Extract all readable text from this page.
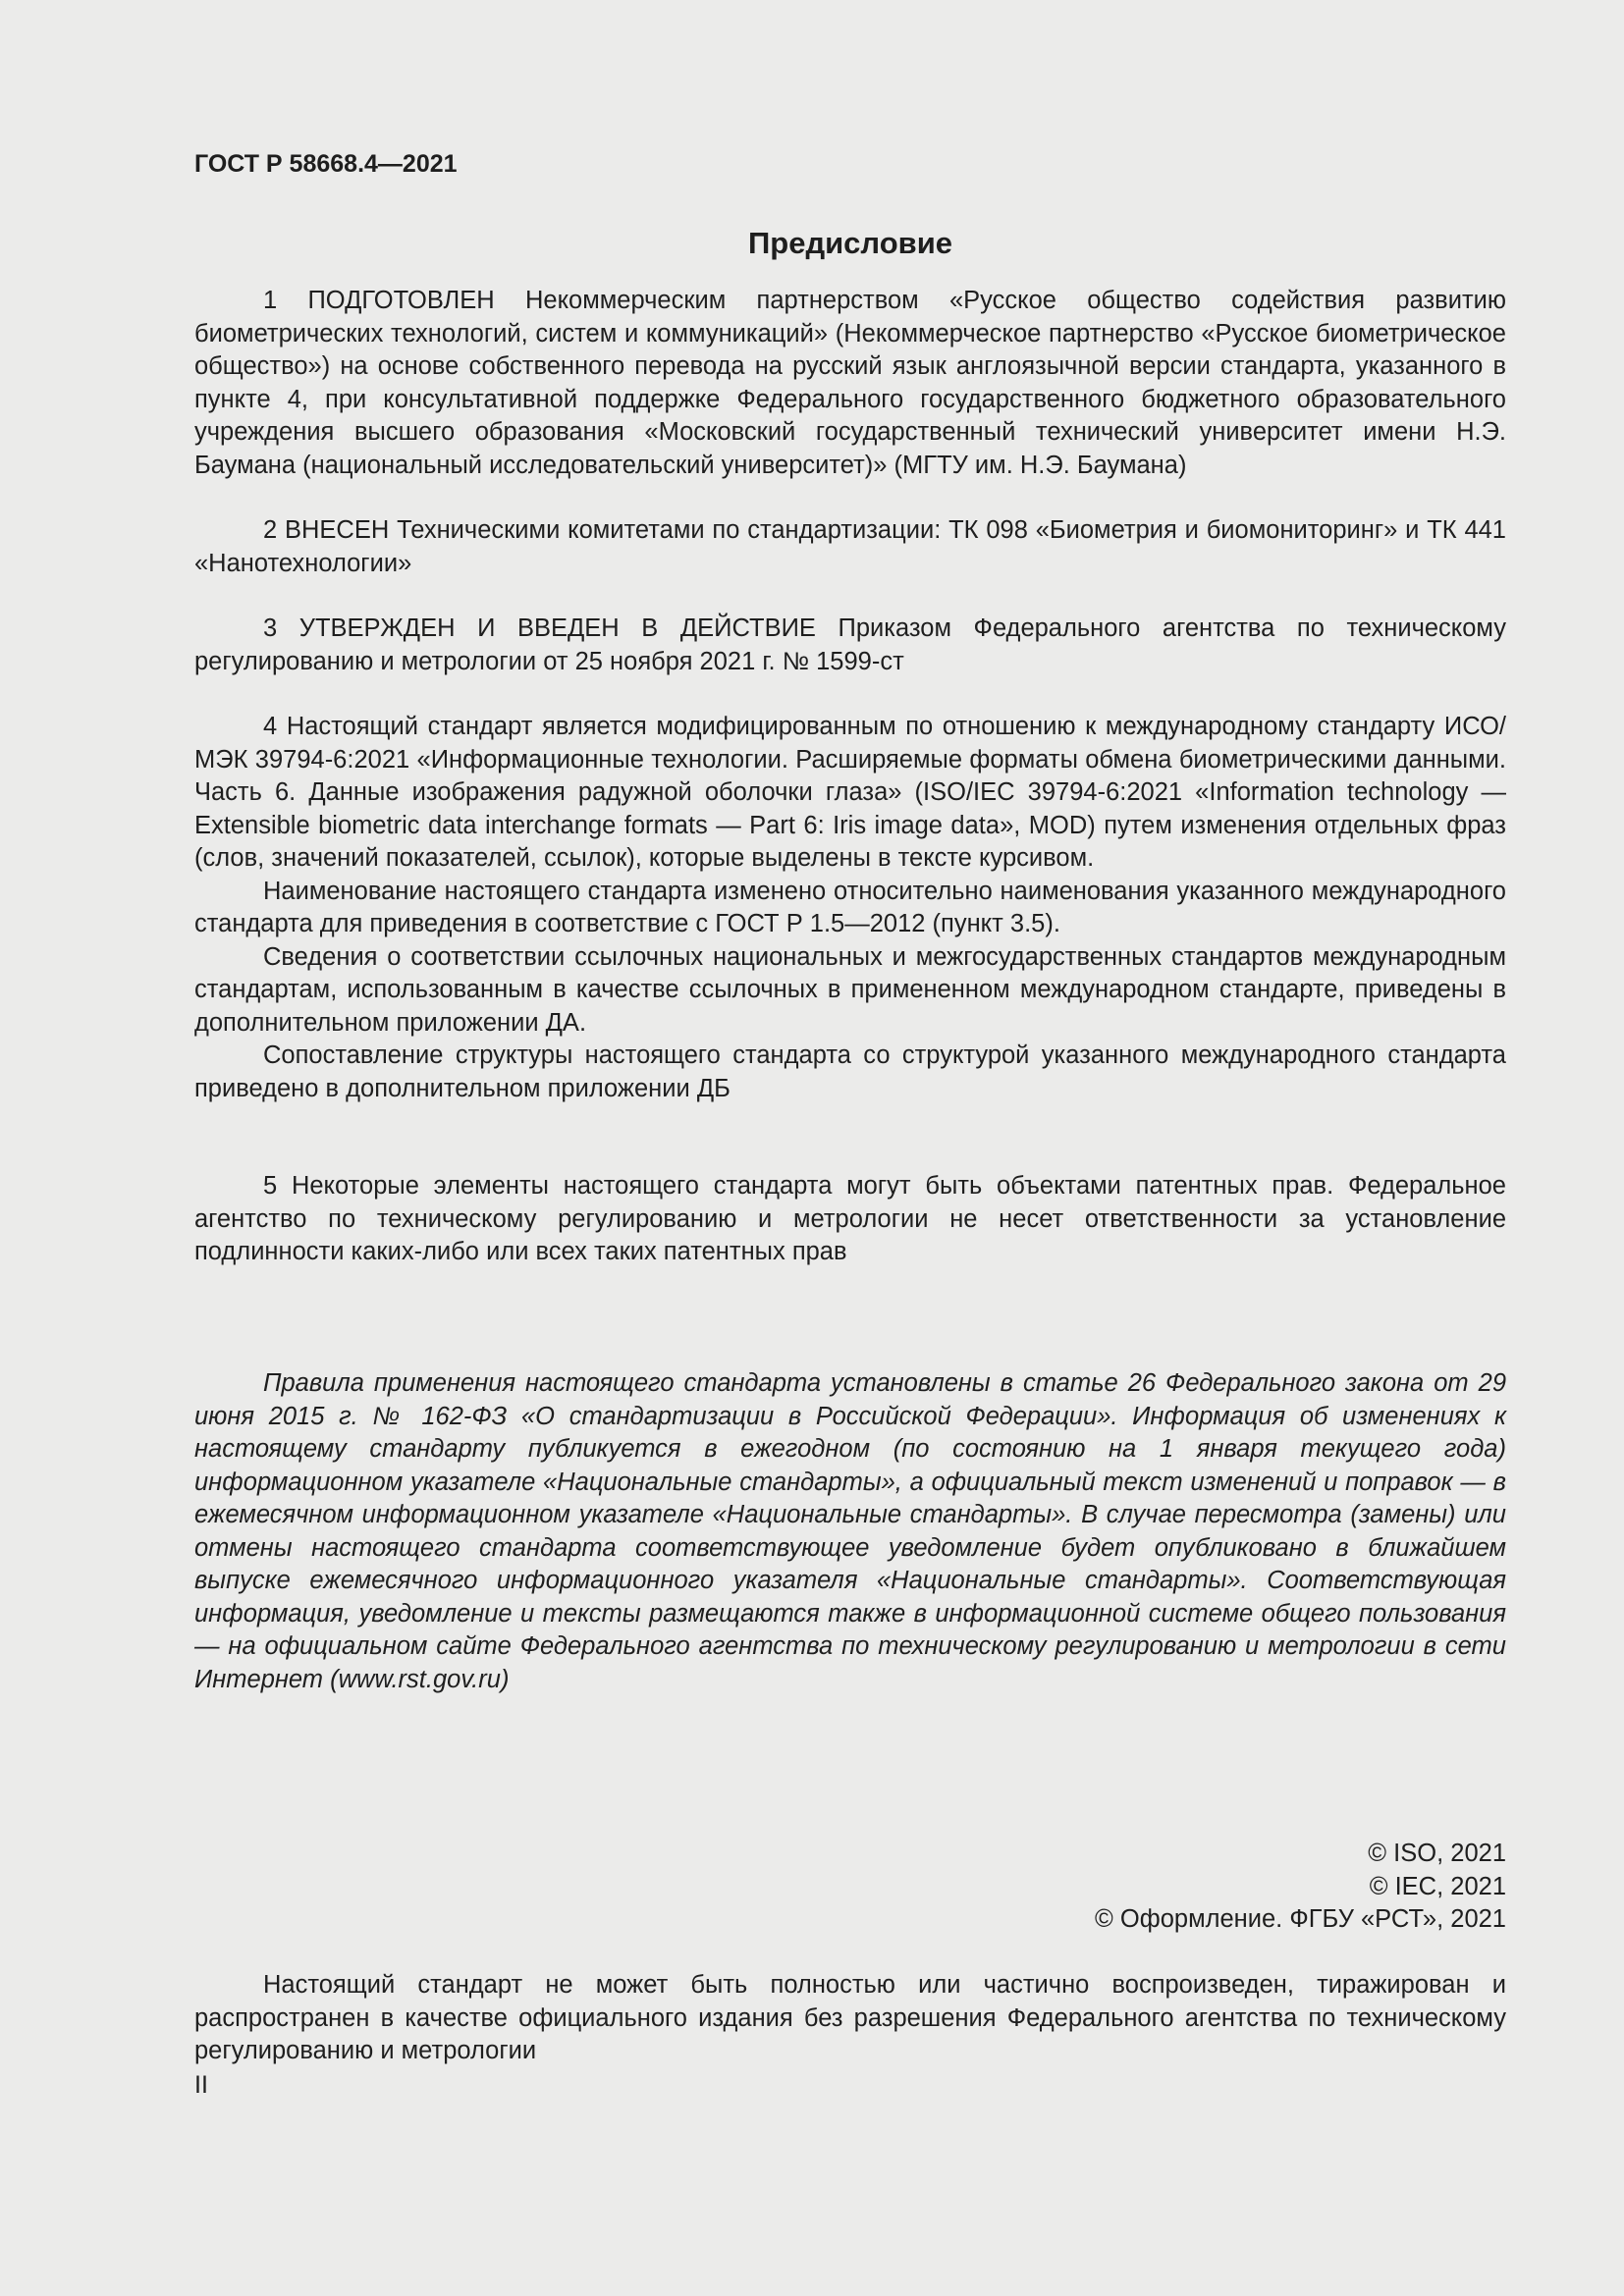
ГОСТ Р 58668.4—2021
Предисловие

1 ПОДГОТОВЛЕН Некоммерческим партнерством «Русское общество содействия развитию биометрических технологий, систем и коммуникаций» (Некоммерческое партнерство «Русское биометрическое общество») на основе собственного перевода на русский язык англоязычной версии стандарта, указанного в пункте 4, при консультативной поддержке Федерального государственного бюджетного образовательного учреждения высшего образования «Московский государственный технический университет имени Н.Э. Баумана (национальный исследовательский университет)» (МГТУ им. Н.Э. Баумана)

2 ВНЕСЕН Техническими комитетами по стандартизации: ТК 098 «Биометрия и биомониторинг» и ТК 441 «Нанотехнологии»

3 УТВЕРЖДЕН И ВВЕДЕН В ДЕЙСТВИЕ Приказом Федерального агентства по техническому регулированию и метрологии от 25 ноября 2021 г. № 1599-ст

4 Настоящий стандарт является модифицированным по отношению к международному стандарту ИСО/МЭК 39794-6:2021 «Информационные технологии. Расширяемые форматы обмена биометрическими данными. Часть 6. Данные изображения радужной оболочки глаза» (ISO/IEC 39794-6:2021 «Information technology — Extensible biometric data interchange formats — Part 6: Iris image data», MOD) путем изменения отдельных фраз (слов, значений показателей, ссылок), которые выделены в тексте курсивом.

Наименование настоящего стандарта изменено относительно наименования указанного международного стандарта для приведения в соответствие с ГОСТ Р 1.5—2012 (пункт 3.5).

Сведения о соответствии ссылочных национальных и межгосударственных стандартов международным стандартам, использованным в качестве ссылочных в примененном международном стандарте, приведены в дополнительном приложении ДА.

Сопоставление структуры настоящего стандарта со структурой указанного международного стандарта приведено в дополнительном приложении ДБ

5 Некоторые элементы настоящего стандарта могут быть объектами патентных прав. Федеральное агентство по техническому регулированию и метрологии не несет ответственности за установление подлинности каких-либо или всех таких патентных прав

Правила применения настоящего стандарта установлены в статье 26 Федерального закона от 29 июня 2015 г. № 162-ФЗ «О стандартизации в Российской Федерации». Информация об изменениях к настоящему стандарту публикуется в ежегодном (по состоянию на 1 января текущего года) информационном указателе «Национальные стандарты», а официальный текст изменений и поправок — в ежемесячном информационном указателе «Национальные стандарты». В случае пересмотра (замены) или отмены настоящего стандарта соответствующее уведомление будет опубликовано в ближайшем выпуске ежемесячного информационного указателя «Национальные стандарты». Соответствующая информация, уведомление и тексты размещаются также в информационной системе общего пользования — на официальном сайте Федерального агентства по техническому регулированию и метрологии в сети Интернет (www.rst.gov.ru)

© ISO, 2021
© IEC, 2021
© Оформление. ФГБУ «РСТ», 2021

Настоящий стандарт не может быть полностью или частично воспроизведен, тиражирован и распространен в качестве официального издания без разрешения Федерального агентства по техническому регулированию и метрологии

II
